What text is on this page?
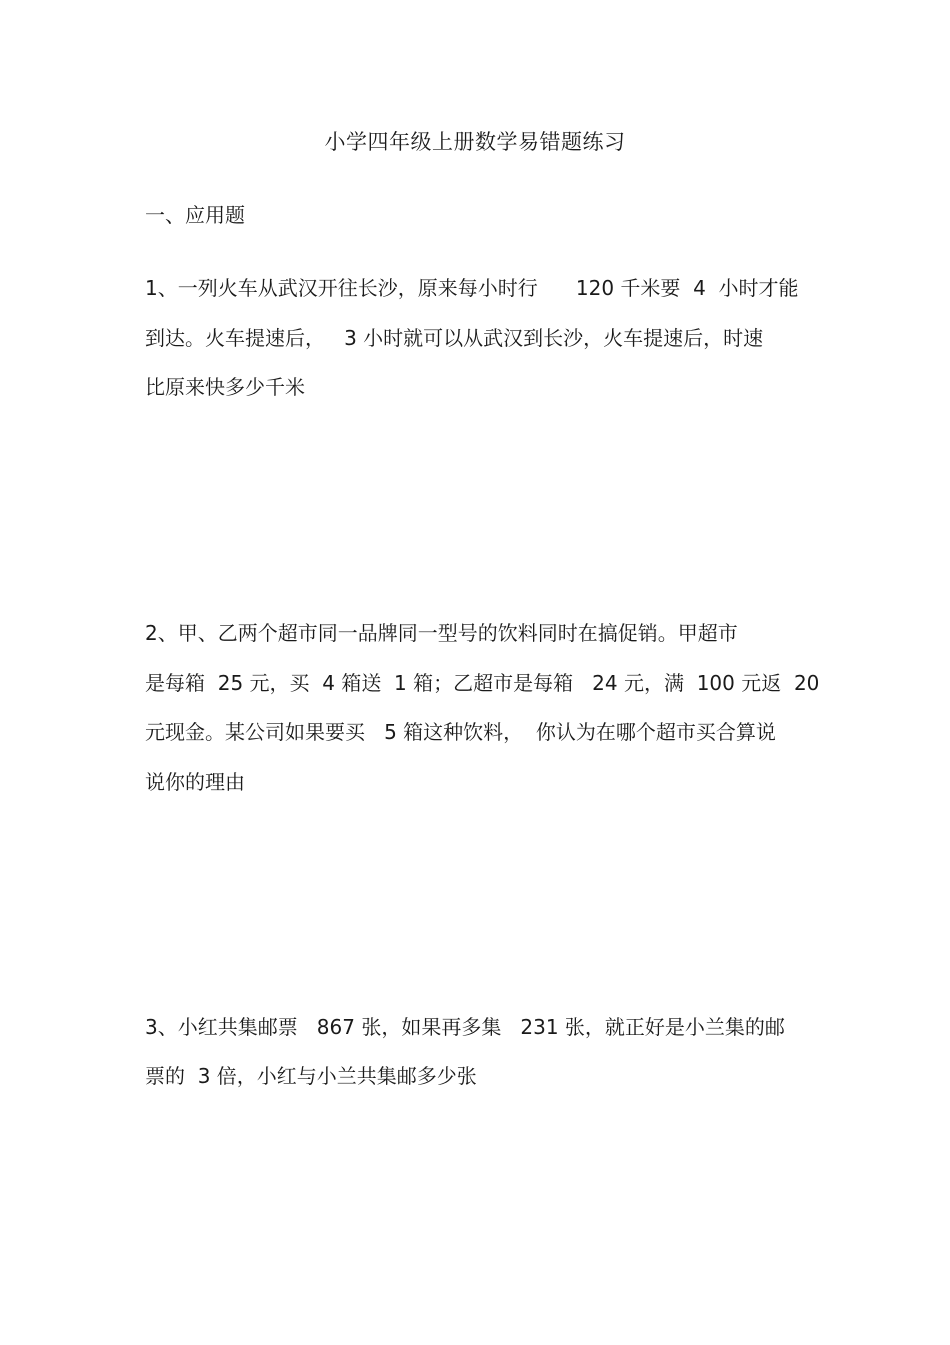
小学四年级上册数学易错题练习
一、应用题

1、一列火车从武汉开往长沙，原来每小时行      120 千米要  4  小时才能

到达。火车提速后，   3 小时就可以从武汉到长沙，火车提速后，时速

比原来快多少千米

2、甲、乙两个超市同一品牌同一型号的饮料同时在搞促销。甲超市

是每箱  25 元，买  4 箱送  1 箱；乙超市是每箱   24 元，满  100 元返  20

元现金。某公司如果要买   5 箱这种饮料，  你认为在哪个超市买合算说

说你的理由

3、小红共集邮票   867 张，如果再多集   231 张，就正好是小兰集的邮

票的  3 倍，小红与小兰共集邮多少张
